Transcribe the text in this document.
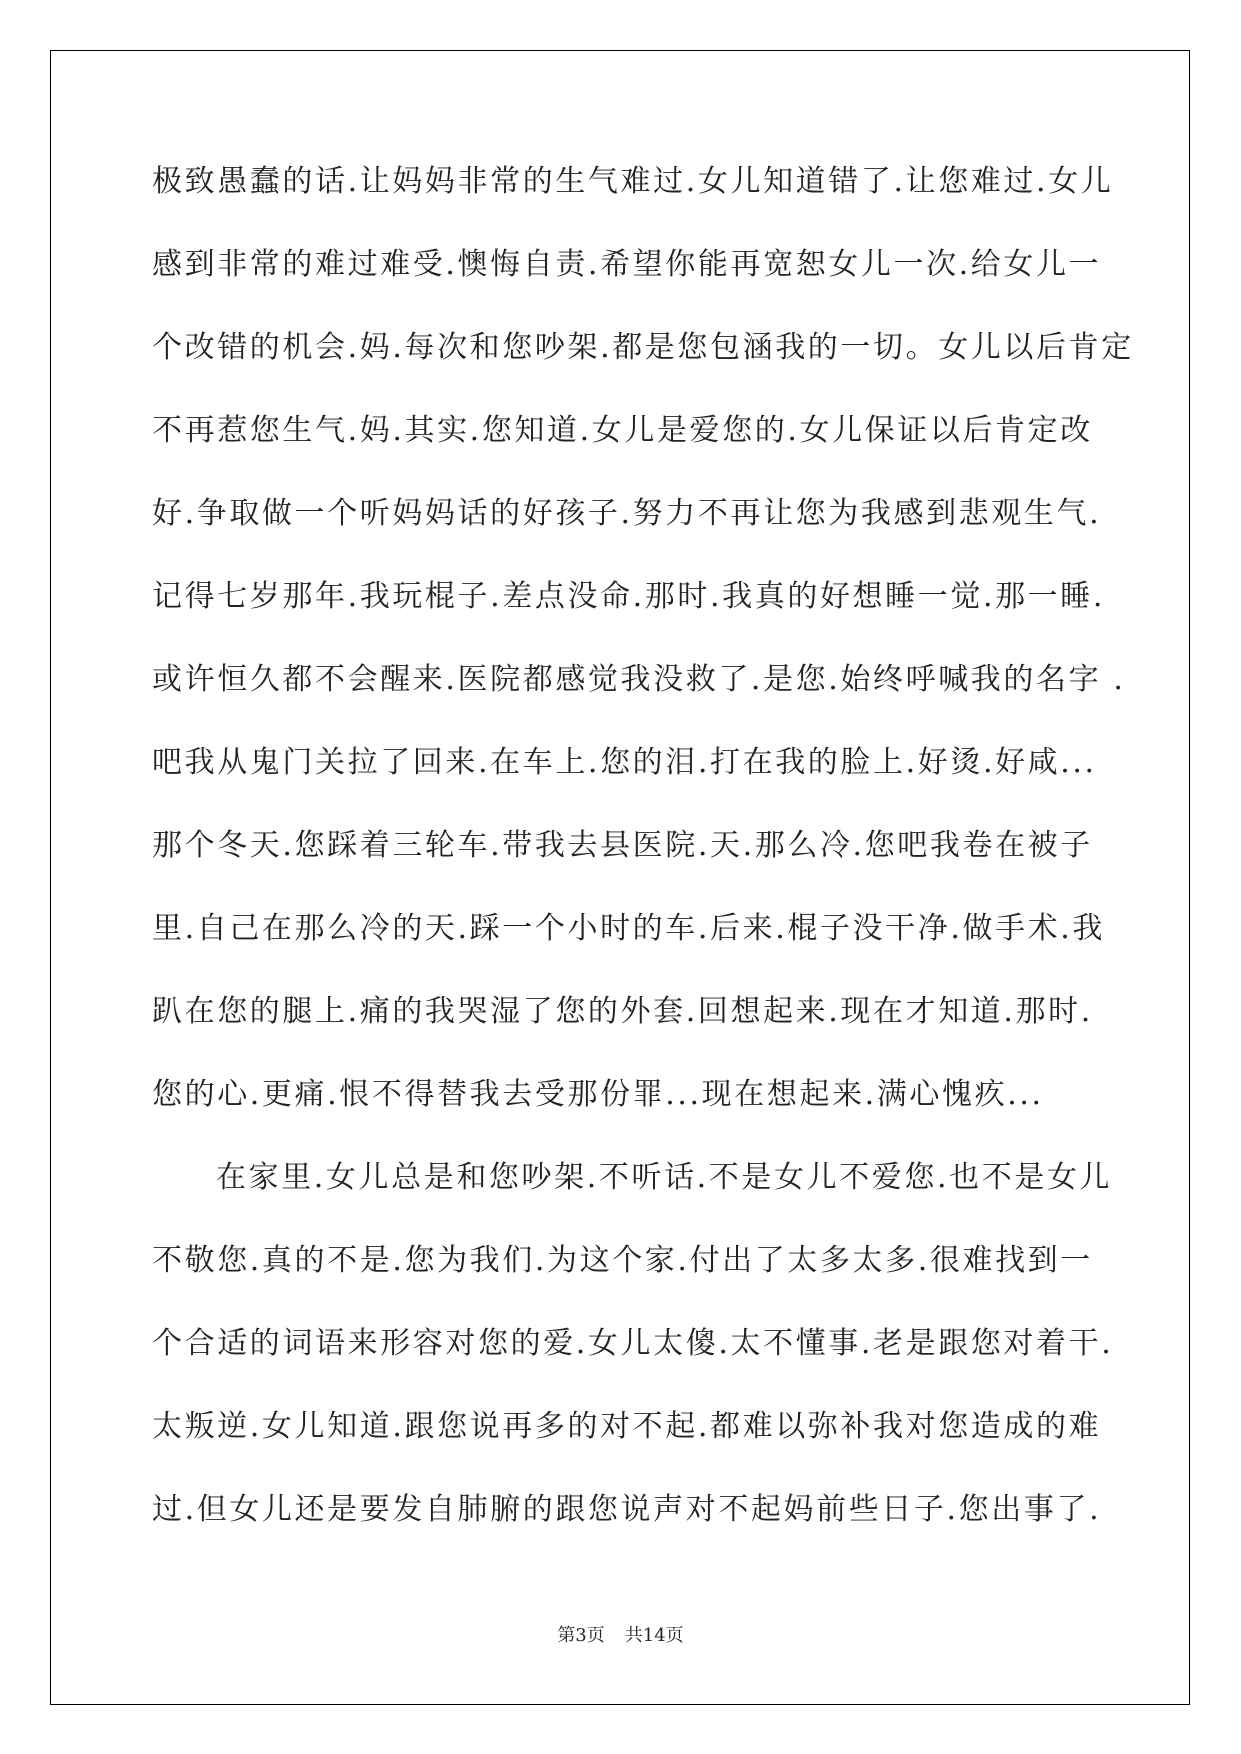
极致愚蠢的话.让妈妈非常的生气难过.女儿知道错了.让您难过.女儿
感到非常的难过难受.懊悔自责.希望你能再宽恕女儿一次.给女儿一
个改错的机会.妈.每次和您吵架.都是您包涵我的一切。女儿以后肯定
不再惹您生气.妈.其实.您知道.女儿是爱您的.女儿保证以后肯定改
好.争取做一个听妈妈话的好孩子.努力不再让您为我感到悲观生气.
记得七岁那年.我玩棍子.差点没命.那时.我真的好想睡一觉.那一睡.
或许恒久都不会醒来.医院都感觉我没救了.是您.始终呼喊我的名字 .
吧我从鬼门关拉了回来.在车上.您的泪.打在我的脸上.好烫.好咸...
那个冬天.您踩着三轮车.带我去县医院.天.那么冷.您吧我卷在被子
里.自己在那么冷的天.踩一个小时的车.后来.棍子没干净.做手术.我
趴在您的腿上.痛的我哭湿了您的外套.回想起来.现在才知道.那时.
您的心.更痛.恨不得替我去受那份罪...现在想起来.满心愧疚...
在家里.女儿总是和您吵架.不听话.不是女儿不爱您.也不是女儿
不敬您.真的不是.您为我们.为这个家.付出了太多太多.很难找到一
个合适的词语来形容对您的爱.女儿太傻.太不懂事.老是跟您对着干.
太叛逆.女儿知道.跟您说再多的对不起.都难以弥补我对您造成的难
过.但女儿还是要发自肺腑的跟您说声对不起妈前些日子.您出事了.
第3页 共14页
